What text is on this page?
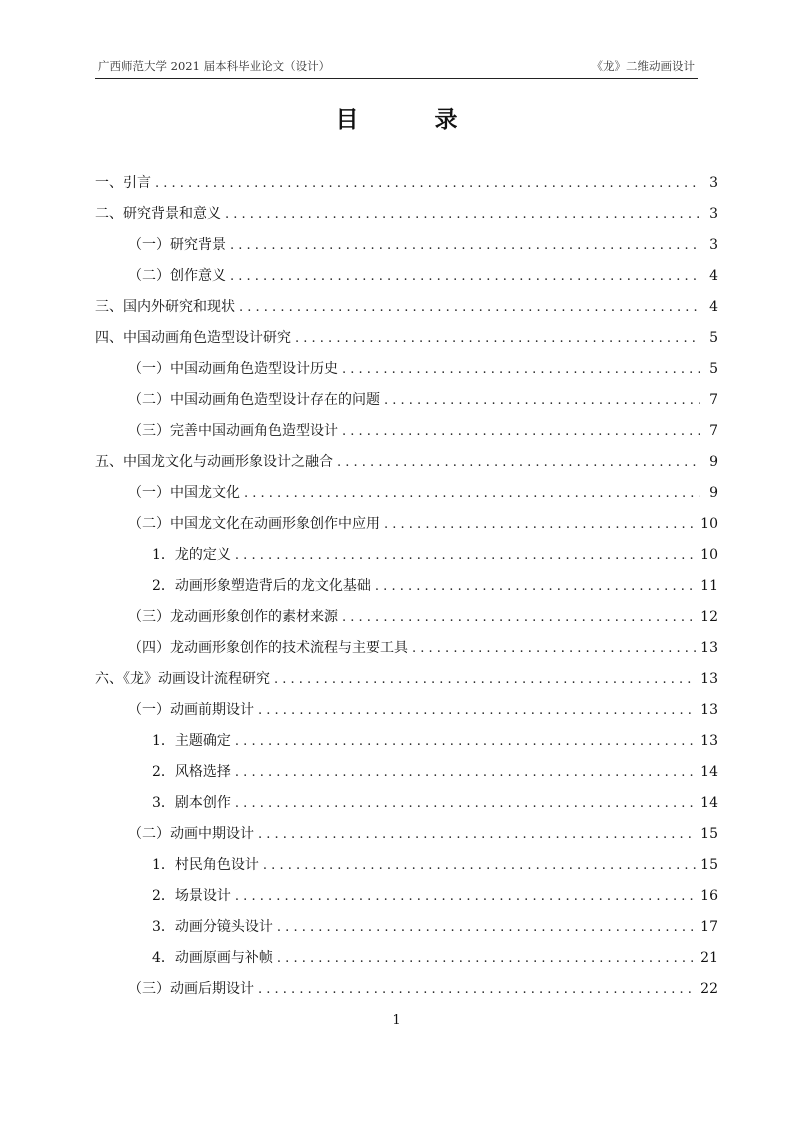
广西师范大学 2021 届本科毕业论文（设计）	《龙》二维动画设计
目 录
一、引言 . . .	3
二、研究背景和意义 . . .	3
（一）研究背景 . . .	3
（二）创作意义 . . .	4
三、国内外研究和现状 . . .	4
四、中国动画角色造型设计研究 . . .	5
（一）中国动画角色造型设计历史 . . .	5
（二）中国动画角色造型设计存在的问题 . . .	7
（三）完善中国动画角色造型设计 . . .	7
五、中国龙文化与动画形象设计之融合 . . .	9
（一）中国龙文化 . . .	9
（二）中国龙文化在动画形象创作中应用 . . .	10
1．龙的定义 . . .	10
2．动画形象塑造背后的龙文化基础 . . .	11
（三）龙动画形象创作的素材来源 . . .	12
（四）龙动画形象创作的技术流程与主要工具 . . .	13
六、《龙》动画设计流程研究 . . .	13
（一）动画前期设计 . . .	13
1．主题确定 . . .	13
2．风格选择 . . .	14
3．剧本创作 . . .	14
（二）动画中期设计 . . .	15
1．村民角色设计 . . .	15
2．场景设计 . . .	16
3．动画分镜头设计 . . .	17
4．动画原画与补帧 . . .	21
（三）动画后期设计 . . .	22
1
